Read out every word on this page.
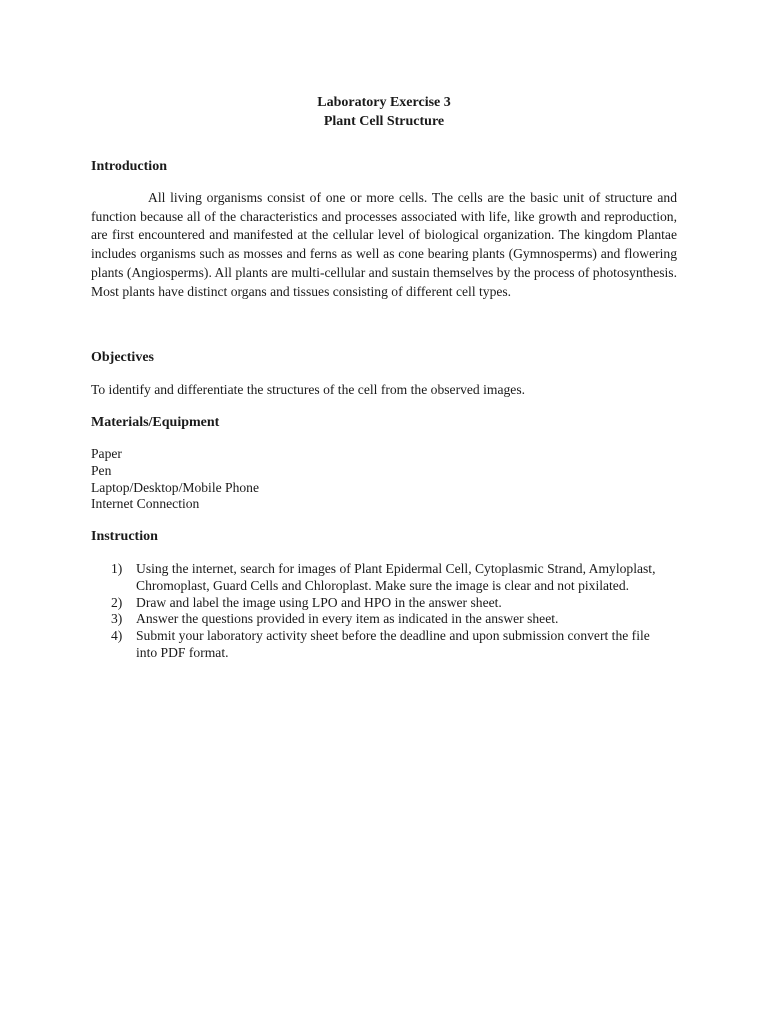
Laboratory Exercise 3
Plant Cell Structure
Introduction

All living organisms consist of one or more cells. The cells are the basic unit of structure and function because all of the characteristics and processes associated with life, like growth and reproduction, are first encountered and manifested at the cellular level of biological organization. The kingdom Plantae includes organisms such as mosses and ferns as well as cone bearing plants (Gymnosperms) and flowering plants (Angiosperms). All plants are multi-cellular and sustain themselves by the process of photosynthesis. Most plants have distinct organs and tissues consisting of different cell types.

Objectives

To identify and differentiate the structures of the cell from the observed images.

Materials/Equipment
Paper
Pen
Laptop/Desktop/Mobile Phone
Internet Connection
Instruction
1) Using the internet, search for images of Plant Epidermal Cell, Cytoplasmic Strand, Amyloplast, Chromoplast, Guard Cells and Chloroplast. Make sure the image is clear and not pixilated.
2) Draw and label the image using LPO and HPO in the answer sheet.
3) Answer the questions provided in every item as indicated in the answer sheet.
4) Submit your laboratory activity sheet before the deadline and upon submission convert the file into PDF format.
